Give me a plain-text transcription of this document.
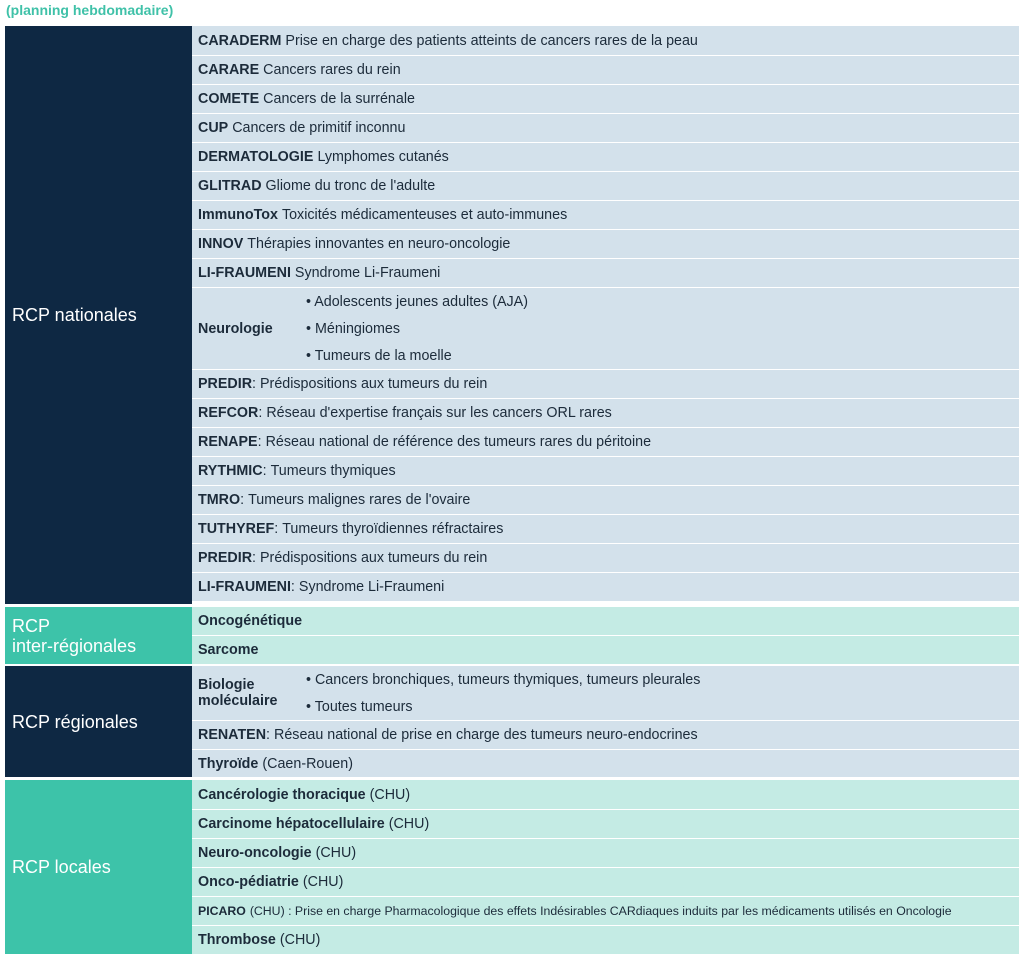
(planning hebdomadaire)
RCP nationales
CARADERM Prise en charge des patients atteints de cancers rares de la peau
CARARE Cancers rares du rein
COMETE Cancers de la surrénale
CUP Cancers de primitif inconnu
DERMATOLOGIE Lymphomes cutanés
GLITRAD Gliome du tronc de l'adulte
ImmunoTox Toxicités médicamenteuses et auto-immunes
INNOV Thérapies innovantes en neuro-oncologie
LI-FRAUMENI Syndrome Li-Fraumeni
Neurologie
• Adolescents jeunes adultes (AJA)
• Méningiomes
• Tumeurs de la moelle
PREDIR : Prédispositions aux tumeurs du rein
REFCOR : Réseau d'expertise français sur les cancers ORL rares
RENAPE : Réseau national de référence des tumeurs rares du péritoine
RYTHMIC : Tumeurs thymiques
TMRO : Tumeurs malignes rares de l'ovaire
TUTHYREF : Tumeurs thyroïdiennes réfractaires
PREDIR : Prédispositions aux tumeurs du rein
LI-FRAUMENI : Syndrome Li-Fraumeni
RCP
inter-régionales
Oncogénétique
Sarcome
RCP régionales
Biologie moléculaire
• Cancers bronchiques, tumeurs thymiques, tumeurs pleurales
• Toutes tumeurs
RENATEN : Réseau national de prise en charge des tumeurs neuro-endocrines
Thyroïde (Caen-Rouen)
RCP locales
Cancérologie thoracique (CHU)
Carcinome hépatocellulaire (CHU)
Neuro-oncologie (CHU)
Onco-pédiatrie (CHU)
PICARO (CHU) : Prise en charge Pharmacologique des effets Indésirables CARdiaques induits par les médicaments utilisés en Oncologie
Thrombose (CHU)
